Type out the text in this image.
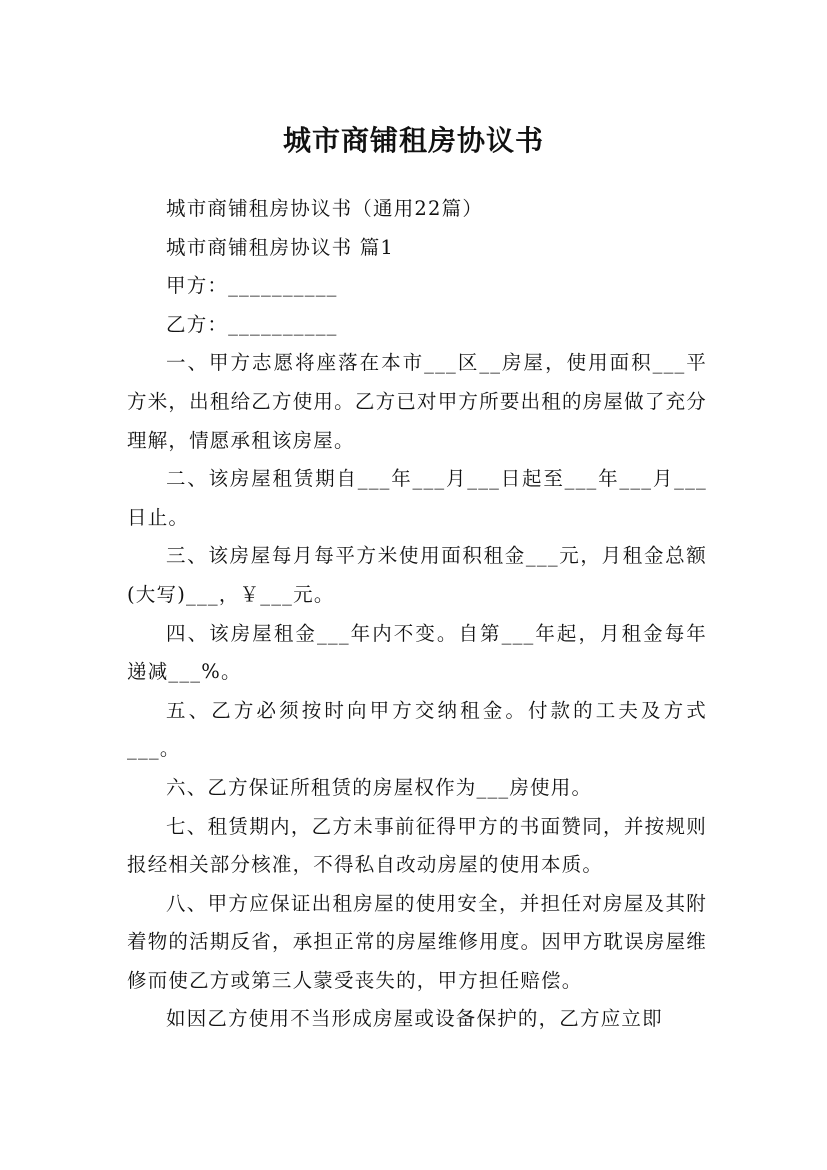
城市商铺租房协议书

城市商铺租房协议书（通用22篇）

城市商铺租房协议书 篇1

甲方：__________

乙方：__________

一、甲方志愿将座落在本市___区__房屋，使用面积___平方米，出租给乙方使用。乙方已对甲方所要出租的房屋做了充分理解，情愿承租该房屋。

二、该房屋租赁期自___年___月___日起至___年___月___日止。

三、该房屋每月每平方米使用面积租金___元，月租金总额(大写)___，￥___元。

四、该房屋租金___年内不变。自第___年起，月租金每年递减___%。

五、乙方必须按时向甲方交纳租金。付款的工夫及方式___。

六、乙方保证所租赁的房屋权作为___房使用。

七、租赁期内，乙方未事前征得甲方的书面赞同，并按规则报经相关部分核准，不得私自改动房屋的使用本质。

八、甲方应保证出租房屋的使用安全，并担任对房屋及其附着物的活期反省，承担正常的房屋维修用度。因甲方耽误房屋维修而使乙方或第三人蒙受丧失的，甲方担任赔偿。

如因乙方使用不当形成房屋或设备保护的，乙方应立即
